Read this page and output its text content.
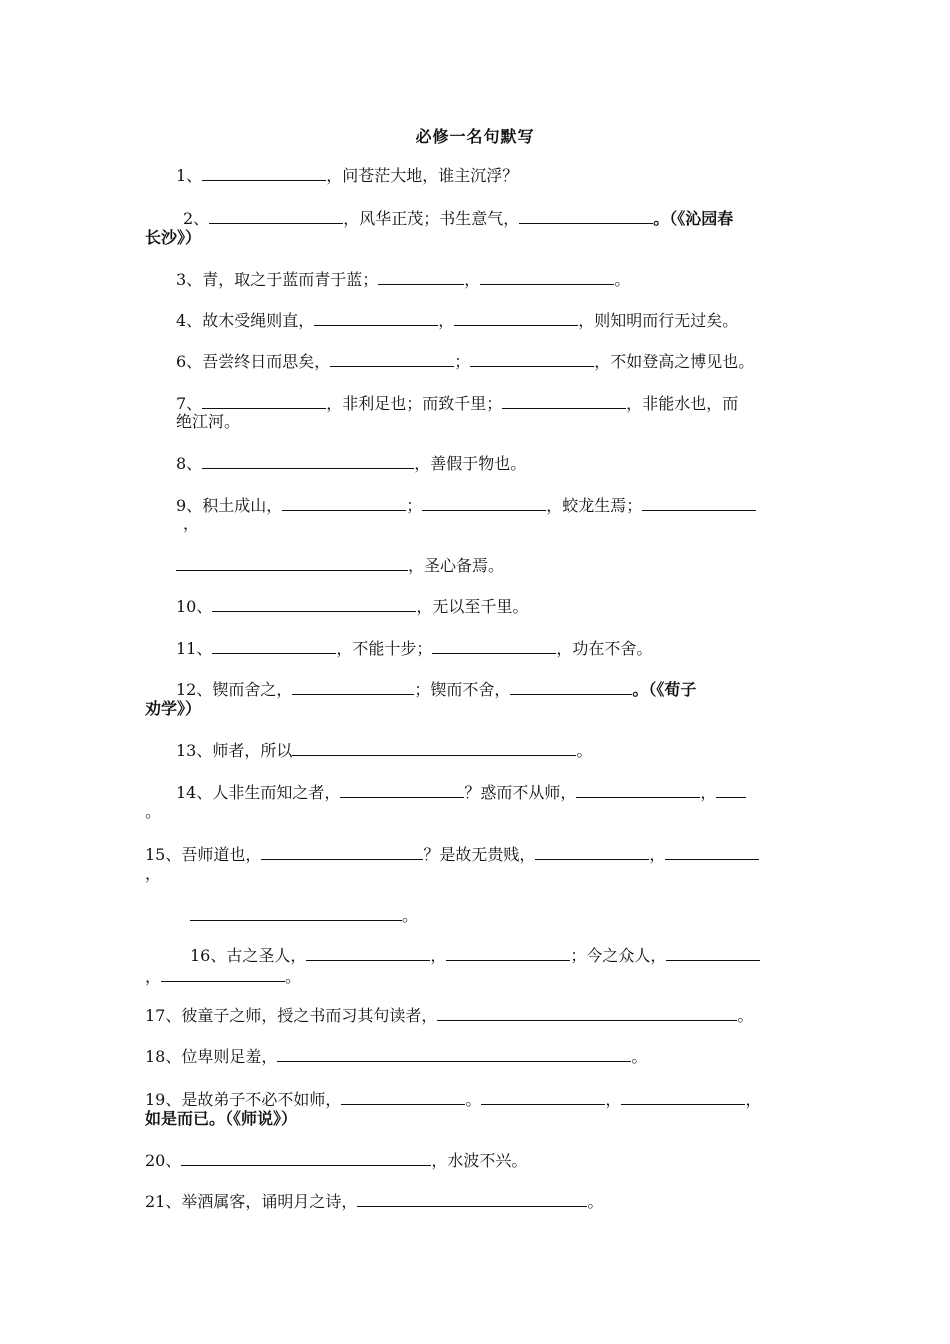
必修一名句默写
1、	，问苍茫大地，谁主沉浮？
2、	，风华正茂；书生意气，	。（《沁园春
长沙》）
3、青，取之于蓝而青于蓝；	，	。
4、故木受绳则直，	，	，则知明而行无过矣。
6、吾尝终日而思矣，	；	，不如登高之博见也。
7、	，非利足也；而致千里；	，非能水也，而
绝江河。
8、	，善假于物也。
9、积土成山，	；	，蛟龙生焉；
，
，圣心备焉。
10、	，无以至千里。
11、	，不能十步；	，功在不舍。
12、锲而舍之，	；锲而不舍，	。（《荀子
劝学》）
13、师者，所以	。
14、人非生而知之者，	？惑而不从师，	，
。
15、吾师道也，	？是故无贵贱，	，
，
。
16、古之圣人，	，	；今之众人，
，	。
17、彼童子之师，授之书而习其句读者，	。
18、位卑则足羞，	。
19、是故弟子不必不如师，	。	，	，
如是而已。（《师说》）
20、	，水波不兴。
21、举酒属客，诵明月之诗，	。
